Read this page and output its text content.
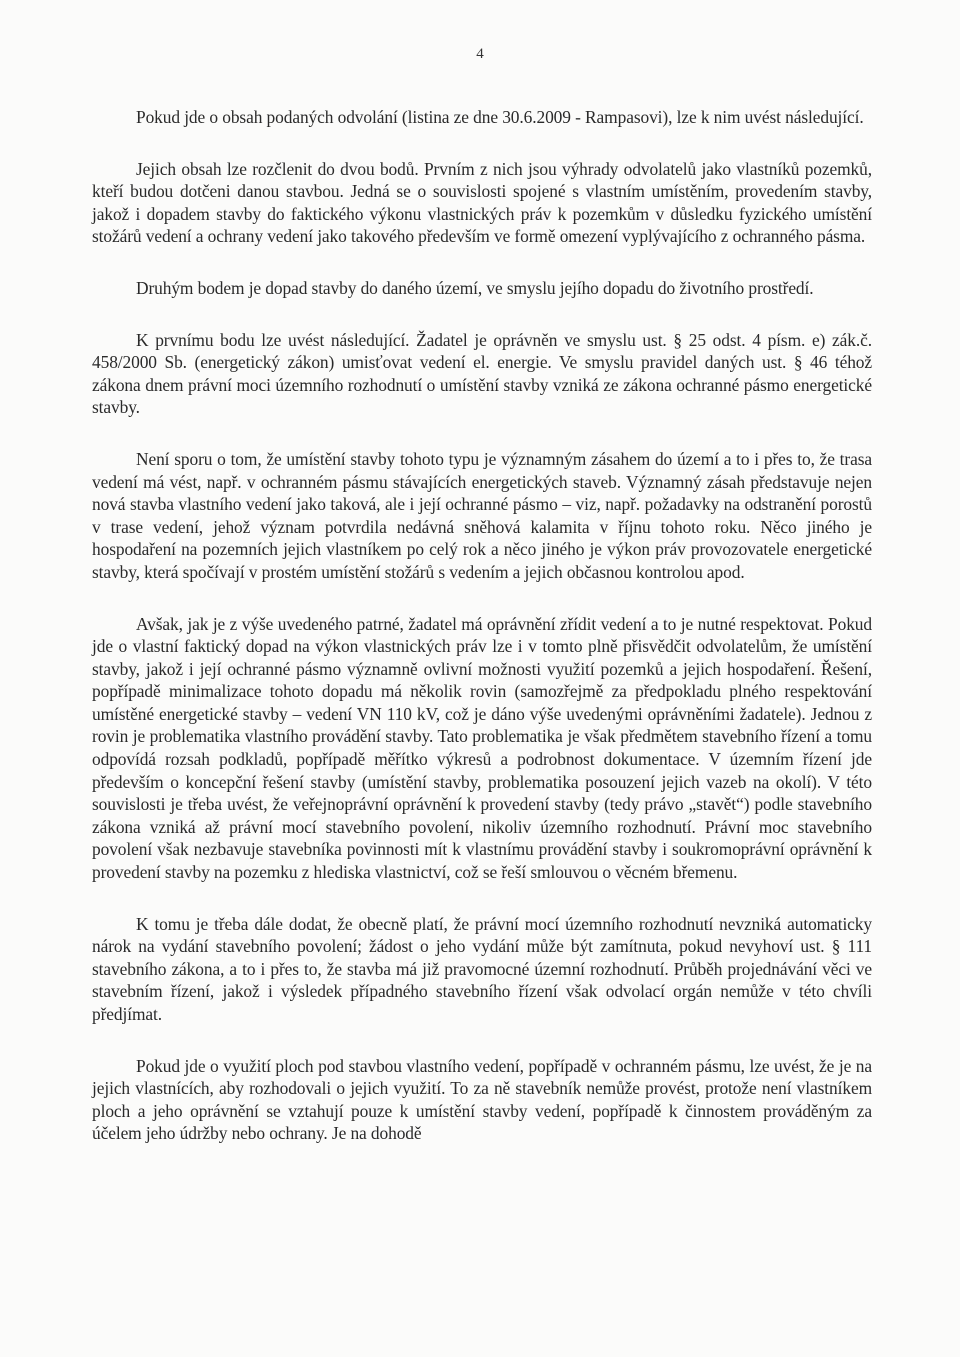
4

Pokud jde o obsah podaných odvolání (listina ze dne 30.6.2009 - Rampasovi), lze k nim uvést následující.

Jejich obsah lze rozčlenit do dvou bodů. Prvním z nich jsou výhrady odvolatelů jako vlastníků pozemků, kteří budou dotčeni danou stavbou. Jedná se o souvislosti spojené s vlastním umístěním, provedením stavby, jakož i dopadem stavby do faktického výkonu vlastnických práv k pozemkům v důsledku fyzického umístění stožárů vedení a ochrany vedení jako takového především ve formě omezení vyplývajícího z ochranného pásma.

Druhým bodem je dopad stavby do daného území, ve smyslu jejího dopadu do životního prostředí.

K prvnímu bodu lze uvést následující. Žadatel je oprávněn ve smyslu ust. § 25 odst. 4 písm. e) zák.č. 458/2000 Sb. (energetický zákon) umisťovat vedení el. energie. Ve smyslu pravidel daných ust. § 46 téhož zákona dnem právní moci územního rozhodnutí o umístění stavby vzniká ze zákona ochranné pásmo energetické stavby.

Není sporu o tom, že umístění stavby tohoto typu je významným zásahem do území a to i přes to, že trasa vedení má vést, např. v ochranném pásmu stávajících energetických staveb. Významný zásah představuje nejen nová stavba vlastního vedení jako taková, ale i její ochranné pásmo – viz, např. požadavky na odstranění porostů v trase vedení, jehož význam potvrdila nedávná sněhová kalamita v říjnu tohoto roku. Něco jiného je hospodaření na pozemních jejich vlastníkem po celý rok a něco jiného je výkon práv provozovatele energetické stavby, která spočívají v prostém umístění stožárů s vedením a jejich občasnou kontrolou apod.

Avšak, jak je z výše uvedeného patrné, žadatel má oprávnění zřídit vedení a to je nutné respektovat. Pokud jde o vlastní faktický dopad na výkon vlastnických práv lze i v tomto plně přisvědčit odvolatelům, že umístění stavby, jakož i její ochranné pásmo významně ovlivní možnosti využití pozemků a jejich hospodaření. Řešení, popřípadě minimalizace tohoto dopadu má několik rovin (samozřejmě za předpokladu plného respektování umístěné energetické stavby – vedení VN 110 kV, což je dáno výše uvedenými oprávněními žadatele). Jednou z rovin je problematika vlastního provádění stavby. Tato problematika je však předmětem stavebního řízení a tomu odpovídá rozsah podkladů, popřípadě měřítko výkresů a podrobnost dokumentace. V územním řízení jde především o koncepční řešení stavby (umístění stavby, problematika posouzení jejich vazeb na okolí). V této souvislosti je třeba uvést, že veřejnoprávní oprávnění k provedení stavby (tedy právo „stavět“) podle stavebního zákona vzniká až právní mocí stavebního povolení, nikoliv územního rozhodnutí. Právní moc stavebního povolení však nezbavuje stavebníka povinnosti mít k vlastnímu provádění stavby i soukromoprávní oprávnění k provedení stavby na pozemku z hlediska vlastnictví, což se řeší smlouvou o věcném břemenu.

K tomu je třeba dále dodat, že obecně platí, že právní mocí územního rozhodnutí nevzniká automaticky nárok na vydání stavebního povolení; žádost o jeho vydání může být zamítnuta, pokud nevyhoví ust. § 111 stavebního zákona, a to i přes to, že stavba má již pravomocné územní rozhodnutí. Průběh projednávání věci ve stavebním řízení, jakož i výsledek případného stavebního řízení však odvolací orgán nemůže v této chvíli předjímat.

Pokud jde o využití ploch pod stavbou vlastního vedení, popřípadě v ochranném pásmu, lze uvést, že je na jejich vlastnících, aby rozhodovali o jejich využití. To za ně stavebník nemůže provést, protože není vlastníkem ploch a jeho oprávnění se vztahují pouze k umístění stavby vedení, popřípadě k činnostem prováděným za účelem jeho údržby nebo ochrany. Je na dohodě
